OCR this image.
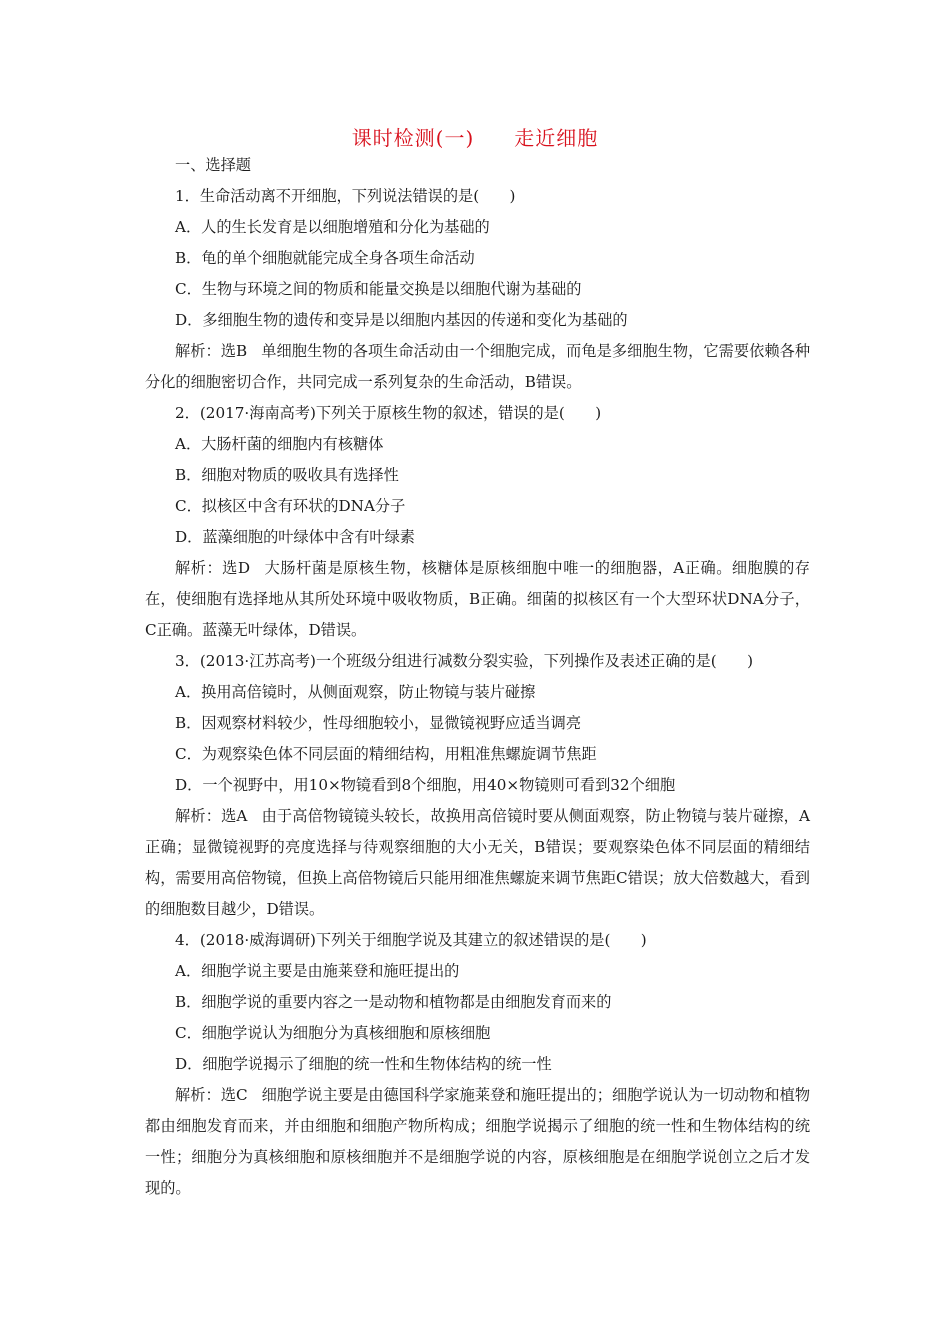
课时检测(一) 走近细胞
一、选择题
1．生命活动离不开细胞，下列说法错误的是(　　)
A．人的生长发育是以细胞增殖和分化为基础的
B．龟的单个细胞就能完成全身各项生命活动
C．生物与环境之间的物质和能量交换是以细胞代谢为基础的
D．多细胞生物的遗传和变异是以细胞内基因的传递和变化为基础的
解析：选B 单细胞生物的各项生命活动由一个细胞完成，而龟是多细胞生物，它需要依赖各种分化的细胞密切合作，共同完成一系列复杂的生命活动，B错误。
2．(2017·海南高考)下列关于原核生物的叙述，错误的是(　　)
A．大肠杆菌的细胞内有核糖体
B．细胞对物质的吸收具有选择性
C．拟核区中含有环状的DNA分子
D．蓝藻细胞的叶绿体中含有叶绿素
解析：选D 大肠杆菌是原核生物，核糖体是原核细胞中唯一的细胞器，A正确。细胞膜的存在，使细胞有选择地从其所处环境中吸收物质，B正确。细菌的拟核区有一个大型环状DNA分子，C正确。蓝藻无叶绿体，D错误。
3．(2013·江苏高考)一个班级分组进行减数分裂实验，下列操作及表述正确的是(　　)
A．换用高倍镜时，从侧面观察，防止物镜与装片碰擦
B．因观察材料较少，性母细胞较小，显微镜视野应适当调亮
C．为观察染色体不同层面的精细结构，用粗准焦螺旋调节焦距
D．一个视野中，用10×物镜看到8个细胞，用40×物镜则可看到32个细胞
解析：选A 由于高倍物镜镜头较长，故换用高倍镜时要从侧面观察，防止物镜与装片碰擦，A正确；显微镜视野的亮度选择与待观察细胞的大小无关，B错误；要观察染色体不同层面的精细结构，需要用高倍物镜，但换上高倍物镜后只能用细准焦螺旋来调节焦距C错误；放大倍数越大，看到的细胞数目越少，D错误。
4．(2018·威海调研)下列关于细胞学说及其建立的叙述错误的是(　　)
A．细胞学说主要是由施莱登和施旺提出的
B．细胞学说的重要内容之一是动物和植物都是由细胞发育而来的
C．细胞学说认为细胞分为真核细胞和原核细胞
D．细胞学说揭示了细胞的统一性和生物体结构的统一性
解析：选C 细胞学说主要是由德国科学家施莱登和施旺提出的；细胞学说认为一切动物和植物都由细胞发育而来，并由细胞和细胞产物所构成；细胞学说揭示了细胞的统一性和生物体结构的统一性；细胞分为真核细胞和原核细胞并不是细胞学说的内容，原核细胞是在细胞学说创立之后才发现的。
